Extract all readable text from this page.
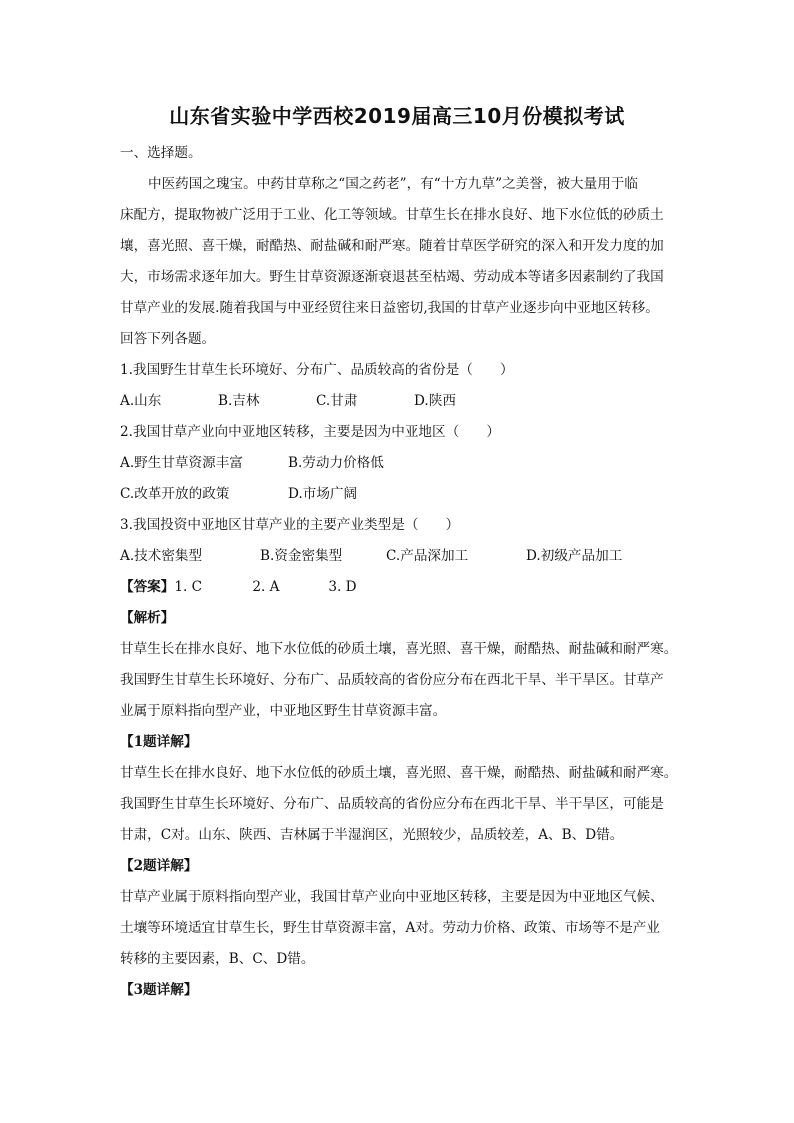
山东省实验中学西校2019届高三10月份模拟考试

一、选择题。

中医药国之瑰宝。中药甘草称之“国之药老”，有“十方九草”之美誉，被大量用于临

床配方，提取物被广泛用于工业、化工等领域。甘草生长在排水良好、地下水位低的砂质土

壤，喜光照、喜干燥，耐酷热、耐盐碱和耐严寒。随着甘草医学研究的深入和开发力度的加

大，市场需求逐年加大。野生甘草资源逐渐衰退甚至枯竭、劳动成本等诸多因素制约了我国

甘草产业的发展.随着我国与中亚经贸往来日益密切,我国的甘草产业逐步向中亚地区转移。

回答下列各题。

1.我国野生甘草生长环境好、分布广、品质较高的省份是（　　）

A.山东	B.吉林	C.甘肃	D.陕西

2.我国甘草产业向中亚地区转移，主要是因为中亚地区（　　）

A.野生甘草资源丰富	B.劳动力价格低
C.改革开放的政策	D.市场广阔

3.我国投资中亚地区甘草产业的主要产业类型是（　　）

A.技术密集型	B.资金密集型	C.产品深加工	D.初级产品加工
【答案】 1. C	2. A	3. D

【解析】

甘草生长在排水良好、地下水位低的砂质土壤，喜光照、喜干燥，耐酷热、耐盐碱和耐严寒。

我国野生甘草生长环境好、分布广、品质较高的省份应分布在西北干旱、半干旱区。甘草产

业属于原料指向型产业，中亚地区野生甘草资源丰富。

【1题详解】

甘草生长在排水良好、地下水位低的砂质土壤，喜光照、喜干燥，耐酷热、耐盐碱和耐严寒。

我国野生甘草生长环境好、分布广、品质较高的省份应分布在西北干旱、半干旱区，可能是

甘肃，C对。山东、陕西、吉林属于半湿润区，光照较少，品质较差，A、B、D错。

【2题详解】

甘草产业属于原料指向型产业，我国甘草产业向中亚地区转移，主要是因为中亚地区气候、

土壤等环境适宜甘草生长，野生甘草资源丰富，A对。劳动力价格、政策、市场等不是产业

转移的主要因素，B、C、D错。

【3题详解】
